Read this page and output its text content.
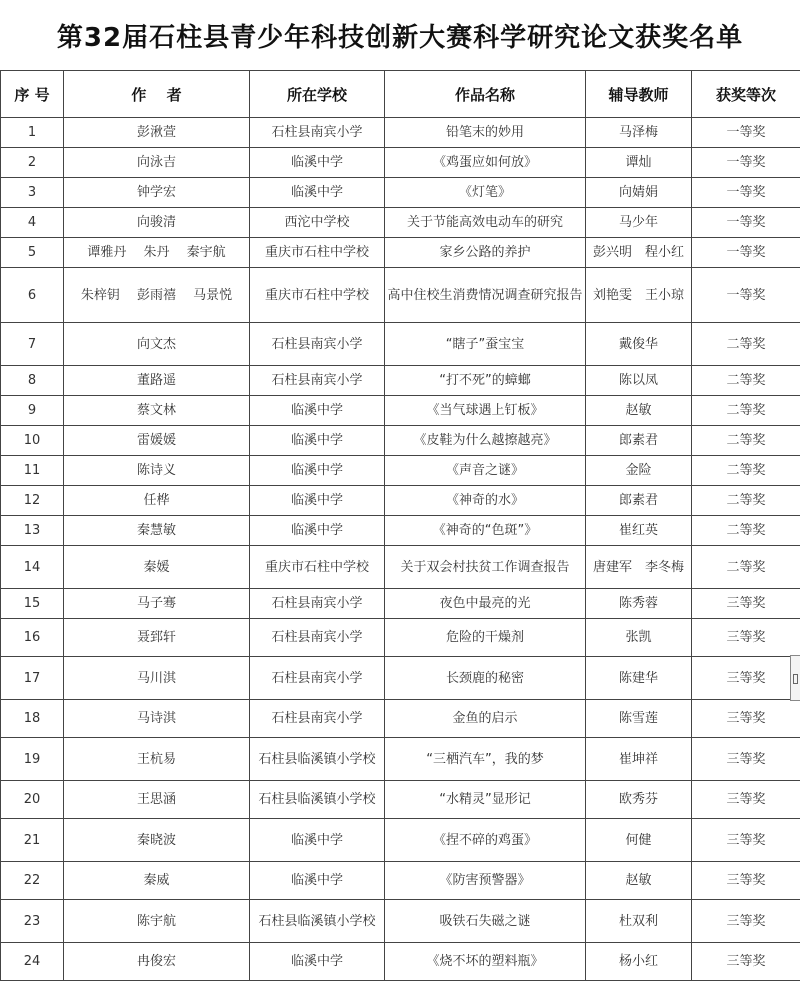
第32届石柱县青少年科技创新大赛科学研究论文获奖名单
序 号	作　 者	所在学校	作品名称	辅导教师	获奖等次
1	彭湫萱	石柱县南宾小学	铅笔末的妙用	马泽梅	一等奖
2	向泳吉	临溪中学	《鸡蛋应如何放》	谭灿	一等奖
3	钟学宏	临溪中学	《灯笔》	向婧娟	一等奖
4	向骏清	西沱中学校	关于节能高效电动车的研究	马少年	一等奖
5	谭雅丹　 朱丹　 秦宇航	重庆市石柱中学校	家乡公路的养护	彭兴明　程小红	一等奖
6	朱梓钥　 彭雨禧　 马景悦	重庆市石柱中学校	高中住校生消费情况调查研究报告	刘艳雯　王小琼	一等奖
7	向文杰	石柱县南宾小学	“瞎子”蚕宝宝	戴俊华	二等奖
8	董路遥	石柱县南宾小学	“打不死”的蟑螂	陈以凤	二等奖
9	蔡文林	临溪中学	《当气球遇上钉板》	赵敏	二等奖
10	雷媛媛	临溪中学	《皮鞋为什么越擦越亮》	郎素君	二等奖
11	陈诗义	临溪中学	《声音之谜》	金险	二等奖
12	任桦	临溪中学	《神奇的水》	郎素君	二等奖
13	秦慧敏	临溪中学	《神奇的“色斑”》	崔红英	二等奖
14	秦媛	重庆市石柱中学校	关于双会村扶贫工作调查报告	唐建军　李冬梅	二等奖
15	马子骞	石柱县南宾小学	夜色中最亮的光	陈秀蓉	三等奖
16	聂郅轩	石柱县南宾小学	危险的干燥剂	张凯	三等奖
17	马川淇	石柱县南宾小学	长颈鹿的秘密	陈建华	三等奖
18	马诗淇	石柱县南宾小学	金鱼的启示	陈雪莲	三等奖
19	王杭易	石柱县临溪镇小学校	“三栖汽车”，我的梦	崔坤祥	三等奖
20	王思涵	石柱县临溪镇小学校	“水精灵”显形记	欧秀芬	三等奖
21	秦晓波	临溪中学	《捏不碎的鸡蛋》	何健	三等奖
22	秦威	临溪中学	《防害预警器》	赵敏	三等奖
23	陈宇航	石柱县临溪镇小学校	吸铁石失磁之谜	杜双利	三等奖
24	冉俊宏	临溪中学	《烧不坏的塑料瓶》	杨小红	三等奖
